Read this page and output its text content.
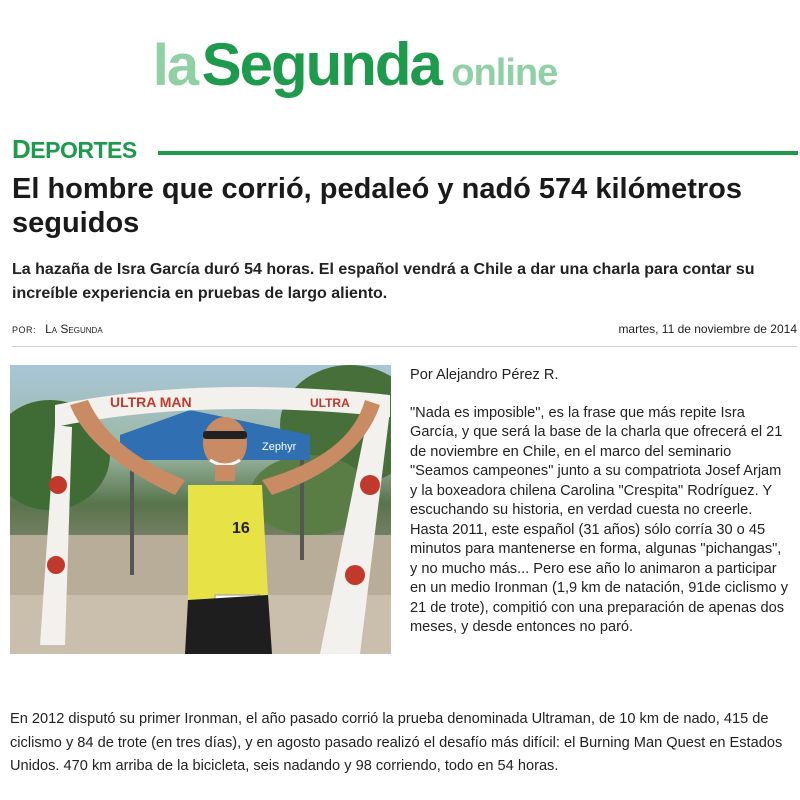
la Segunda online
DEPORTES
El hombre que corrió, pedaleó y nadó 574 kilómetros seguidos

La hazaña de Isra García duró 54 horas. El español vendrá a Chile a dar una charla para contar su increíble experiencia en pruebas de largo aliento.

POR: La Segunda	martes, 11 de noviembre de 2014
Zephyr
ULTRA MAN	ULTRA
16

Por Alejandro Pérez R.

"Nada es imposible", es la frase que más repite Isra García, y que será la base de la charla que ofrecerá el 21 de noviembre en Chile, en el marco del seminario "Seamos campeones" junto a su compatriota Josef Arjam y la boxeadora chilena Carolina "Crespita" Rodríguez. Y escuchando su historia, en verdad cuesta no creerle.

Hasta 2011, este español (31 años) sólo corría 30 o 45 minutos para mantenerse en forma, algunas "pichangas", y no mucho más... Pero ese año lo animaron a participar en un medio Ironman (1,9 km de natación, 91de ciclismo y 21 de trote), compitió con una preparación de apenas dos meses, y desde entonces no paró.

En 2012 disputó su primer Ironman, el año pasado corrió la prueba denominada Ultraman, de 10 km de nado, 415 de ciclismo y 84 de trote (en tres días), y en agosto pasado realizó el desafío más difícil: el Burning Man Quest en Estados Unidos. 470 km arriba de la bicicleta, seis nadando y 98 corriendo, todo en 54 horas.
